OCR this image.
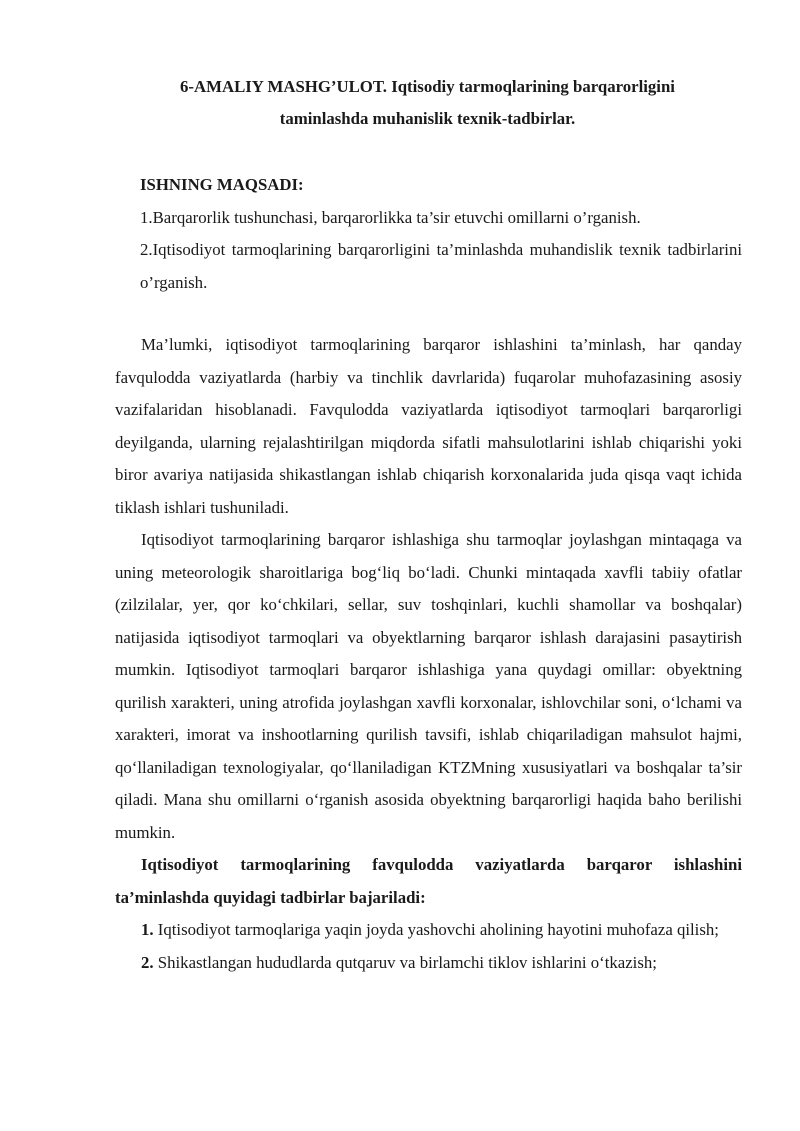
6-AMALIY MASHG’ULOT. Iqtisodiy tarmoqlarining barqarorligini
taminlashda muhanislik texnik-tadbirlar.
ISHNING MAQSADI:
1.Barqarorlik tushunchasi, barqarorlikka ta’sir etuvchi omillarni o’rganish.
2.Iqtisodiyot tarmoqlarining barqarorligini ta’minlashda muhandislik texnik tadbirlarini o’rganish.

Ma’lumki, iqtisodiyot tarmoqlarining barqaror ishlashini ta’minlash, har qanday favqulodda vaziyatlarda (harbiy va tinchlik davrlarida) fuqarolar muhofazasining asosiy vazifalaridan hisoblanadi. Favqulodda vaziyatlarda iqtisodiyot tarmoqlari barqarorligi deyilganda, ularning rejalashtirilgan miqdorda sifatli mahsulotlarini ishlab chiqarishi yoki biror avariya natijasida shikastlangan ishlab chiqarish korxonalarida juda qisqa vaqt ichida tiklash ishlari tushuniladi.

Iqtisodiyot tarmoqlarining barqaror ishlashiga shu tarmoqlar joylashgan mintaqaga va uning meteorologik sharoitlariga bog‘liq bo‘ladi. Chunki mintaqada xavfli tabiiy ofatlar (zilzilalar, yer, qor ko‘chkilari, sellar, suv toshqinlari, kuchli shamollar va boshqalar) natijasida iqtisodiyot tarmoqlari va obyektlarning barqaror ishlash darajasini pasaytirish mumkin. Iqtisodiyot tarmoqlari barqaror ishlashiga yana quydagi omillar: obyektning qurilish xarakteri, uning atrofida joylashgan xavfli korxonalar, ishlovchilar soni, o‘lchami va xarakteri, imorat va inshootlarning qurilish tavsifi, ishlab chiqariladigan mahsulot hajmi, qo‘llaniladigan texnologiyalar, qo‘llaniladigan KTZMning xususiyatlari va boshqalar ta’sir qiladi. Mana shu omillarni o‘rganish asosida obyektning barqarorligi haqida baho berilishi mumkin.

Iqtisodiyot tarmoqlarining favqulodda vaziyatlarda barqaror ishlashini ta’minlashda quyidagi tadbirlar bajariladi:

1. Iqtisodiyot tarmoqlariga yaqin joyda yashovchi aholining hayotini muhofaza qilish;

2. Shikastlangan hududlarda qutqaruv va birlamchi tiklov ishlarini o‘tkazish;
